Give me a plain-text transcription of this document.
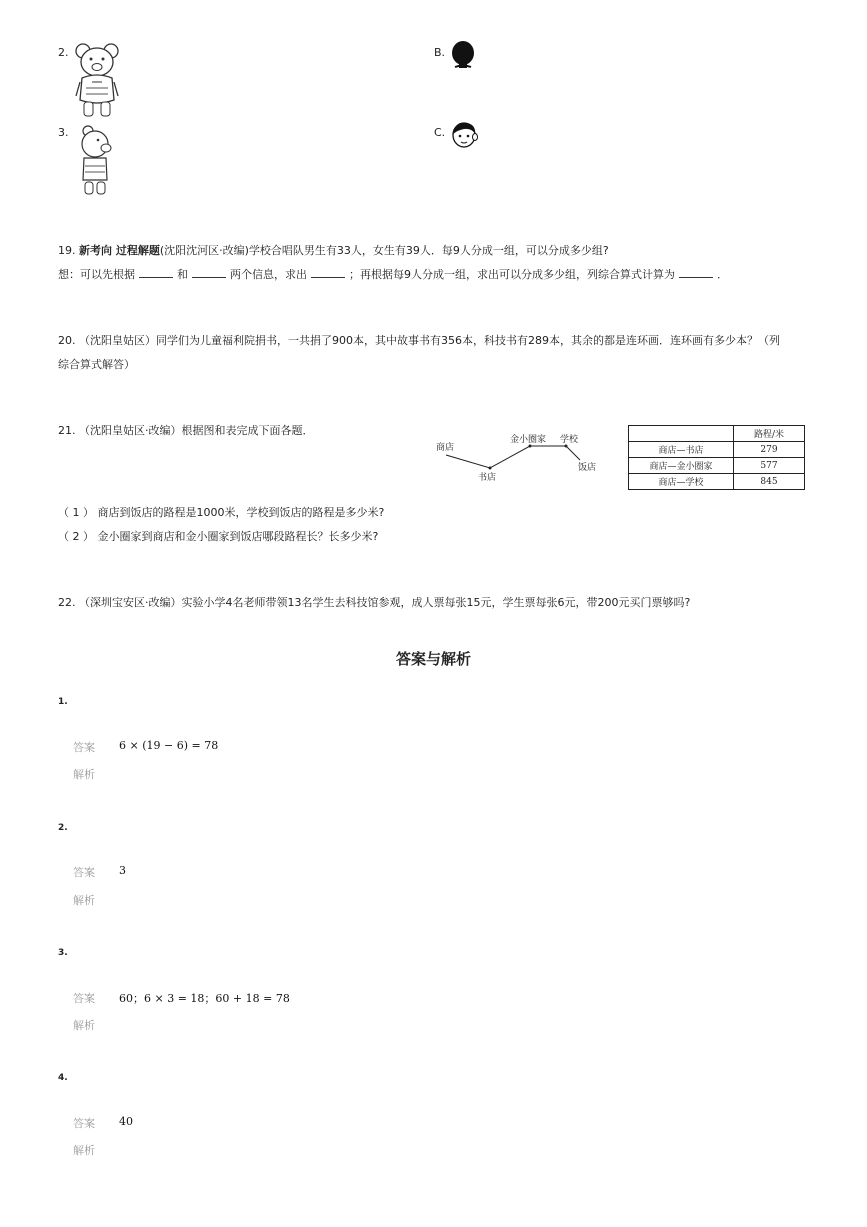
2.
3.
B.
C.
19. 新考向 过程解题(沈阳沈河区·改编)学校合唱队男生有33人，女生有39人．每9人分成一组，可以分成多少组?
想：可以先根据	和	两个信息，求出	；再根据每9人分成一组，求出可以分成多少组，列综合算式计算为	．
20. （沈阳皇姑区）同学们为儿童福利院捐书，一共捐了900本，其中故事书有356本，科技书有289本，其余的都是连环画．连环画有多少本？（列
综合算式解答）
21. （沈阳皇姑区·改编）根据图和表完成下面各题．
商店
书店
金小圈家 学校
饭店
	路程/米
商店—书店	279
商店—金小圈家	577
商店—学校	845
（ 1 ） 商店到饭店的路程是1000米，学校到饭店的路程是多少米?
（ 2 ） 金小圈家到商店和金小圈家到饭店哪段路程长？长多少米?
22. （深圳宝安区·改编）实验小学4名老师带领13名学生去科技馆参观，成人票每张15元，学生票每张6元，带200元买门票够吗?
答案与解析
1.
答案 6 × (19 − 6) = 78
解析
2.
答案 3
解析
3.
答案 60；6 × 3 = 18；60 + 18 = 78
解析
4.
答案 40
解析
